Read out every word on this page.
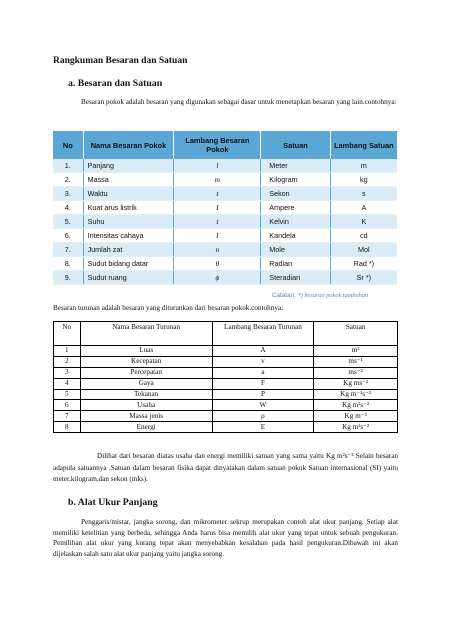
Rangkuman Besaran dan Satuan
a. Besaran dan Satuan
Besaran pokok adalah besaran yang digunakan sebagai dasar untuk menetapkan besaran yang lain.contohnya:
No	Nama Besaran Pokok	Lambang Besaran Pokok	Satuan	Lambang Satuan
1.	Panjang	l	Meter	m
2.	Massa	m	Kilogram	kg
3.	Waktu	t	Sekon	s
4.	Kuat arus listrik	I	Ampere	A
5.	Suhu	t	Kelvin	K
6.	Intensitas cahaya	I	Kandela	cd
7.	Jumlah zat	n	Mole	Mol
8.	Sudut bidang datar	θ	Radian	Rad *)
9.	Sudut ruang	ϕ	Steradian	Sr *)
Catatan: *) besaran pokok tambahan
Besaran turunan adalah besaran yang diturunkan dari besaran pokok.contohnya:
No	Nama Besaran Turunan	Lambang Besaran Turunan	Satuan
1	Luas	A	m²
2	Kecepatan	v	ms⁻¹
3	Percepatan	a	ms⁻²
4	Gaya	F	Kg ms⁻²
5	Tekanan	P	Kg m⁻¹s⁻²
6	Usaha	W	Kg m²s⁻²
7	Massa jenis	ρ	Kg m⁻³
8	Energi	E	Kg m²s⁻²
Dilihat dari besaran diatas usaha dan energi memiliki satuan yang sama yaitu Kg m²s⁻² Selain besaran adapula satuannya .Satuan dalam besaran fisika dapat dinyatakan dalam satuan pokok Satuan internasional (SI) yaitu meter,kilogram,dan sekon (mks).
b. Alat Ukur Panjang
Penggaris/mistar, jangka sorong, dan mikrometer sekrup merupakan contoh alat ukur panjang. Setiap alat memiliki ketelitian yang berbeda, sehingga Anda harus bisa memilih alat ukur yang tepat untuk sebuah pengukuran. Pemilihan alat ukur yang kurang tepat akan menyebabkan kesalahan pada hasil pengukuran.Dibawah ini akan dijelaskan salah satu alat ukur panjang yaitu jangka sorong.
